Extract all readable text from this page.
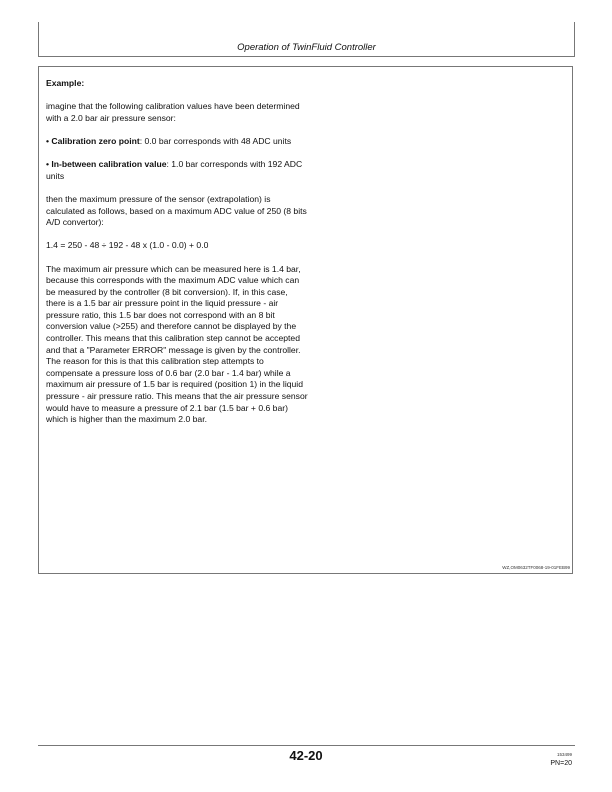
Operation of TwinFluid Controller

Example:

imagine that the following calibration values have been determined with a 2.0 bar air pressure sensor:

• Calibration zero point: 0.0 bar corresponds with 48 ADC units

• In-between calibration value: 1.0 bar corresponds with 192 ADC units

then the maximum pressure of the sensor (extrapolation) is calculated as follows, based on a maximum ADC value of 250 (8 bits A/D convertor):

1.4 = 250 - 48 ÷ 192 - 48 x (1.0 - 0.0) + 0.0

The maximum air pressure which can be measured here is 1.4 bar, because this corresponds with the maximum ADC value which can be measured by the controller (8 bit conversion). If, in this case, there is a 1.5 bar air pressure point in the liquid pressure - air pressure ratio, this 1.5 bar does not correspond with an 8 bit conversion value (>255) and therefore cannot be displayed by the controller. This means that this calibration step cannot be accepted and that a "Parameter ERROR" message is given by the controller. The reason for this is that this calibration step attempts to compensate a pressure loss of 0.6 bar (2.0 bar - 1.4 bar) while a maximum air pressure of 1.5 bar is required (position 1) in the liquid pressure - air pressure ratio. This means that the air pressure sensor would have to measure a pressure of 2.1 bar (1.5 bar + 0.6 bar) which is higher than the maximum 2.0 bar.

WZ,OM0632TF0068-19-01FEB99
42-20	153499
PN=20
